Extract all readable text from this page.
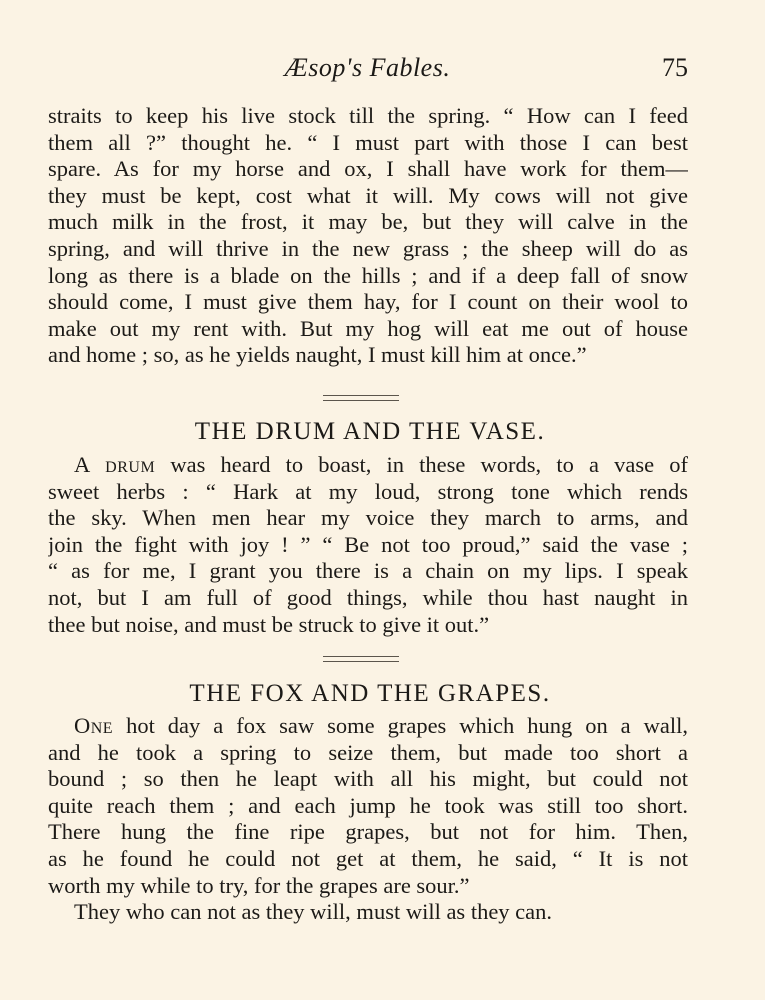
Æsop's Fables.	75
straits to keep his live stock till the spring. “ How can I feed
them all ?” thought he. “ I must part with those I can best
spare. As for my horse and ox, I shall have work for them—
they must be kept, cost what it will. My cows will not give
much milk in the frost, it may be, but they will calve in the
spring, and will thrive in the new grass ; the sheep will do as
long as there is a blade on the hills ; and if a deep fall of snow
should come, I must give them hay, for I count on their wool to
make out my rent with. But my hog will eat me out of house
and home ; so, as he yields naught, I must kill him at once.”
THE DRUM AND THE VASE.
A drum was heard to boast, in these words, to a vase of
sweet herbs : “ Hark at my loud, strong tone which rends
the sky. When men hear my voice they march to arms, and
join the fight with joy ! ” “ Be not too proud,” said the vase ;
“ as for me, I grant you there is a chain on my lips. I speak
not, but I am full of good things, while thou hast naught in
thee but noise, and must be struck to give it out.”
THE FOX AND THE GRAPES.
One hot day a fox saw some grapes which hung on a wall,
and he took a spring to seize them, but made too short a
bound ; so then he leapt with all his might, but could not
quite reach them ; and each jump he took was still too short.
There hung the fine ripe grapes, but not for him. Then,
as he found he could not get at them, he said, “ It is not
worth my while to try, for the grapes are sour.”
They who can not as they will, must will as they can.
